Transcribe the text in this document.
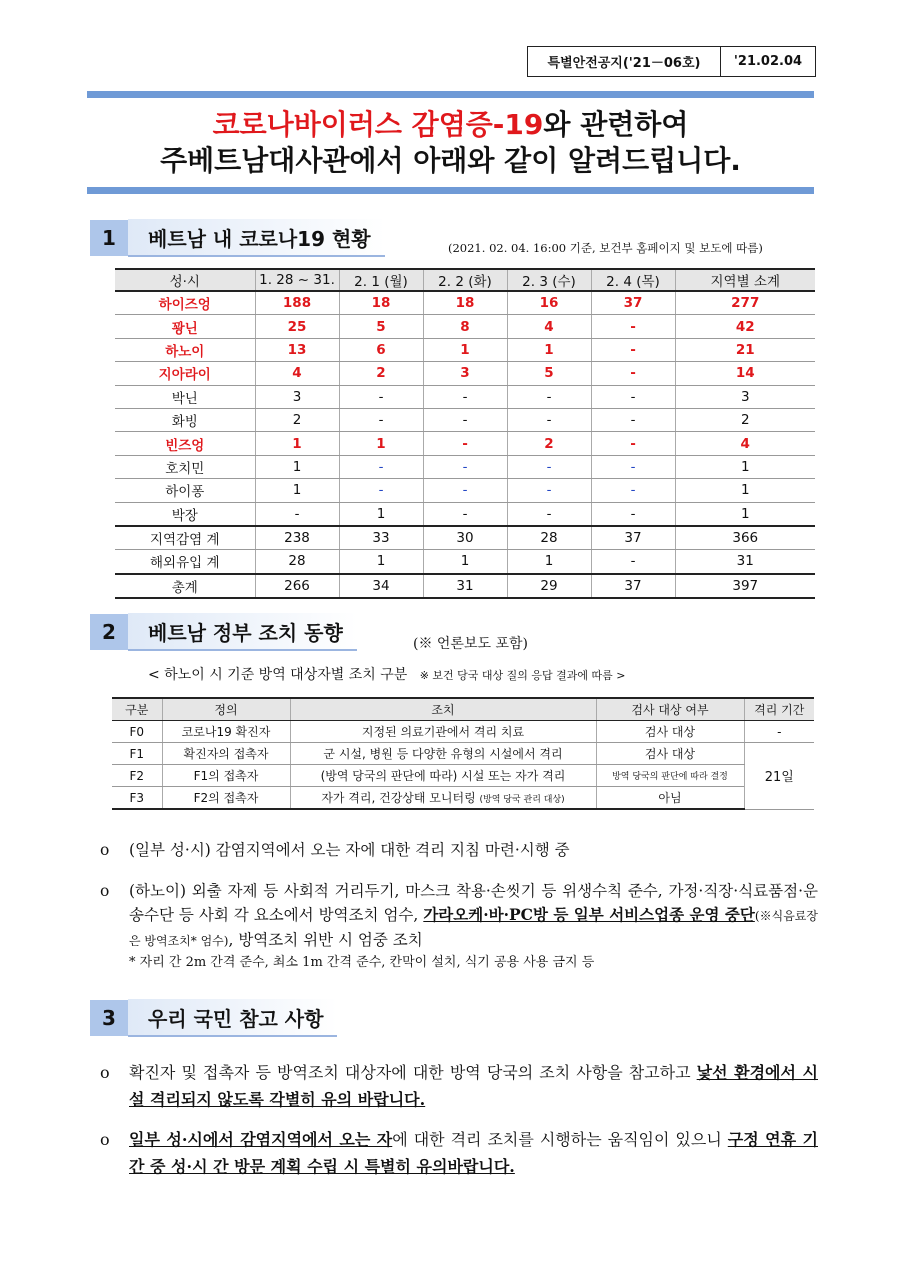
특별안전공지('21－06호)	'21.02.04
코로나바이러스 감염증-19와 관련하여
주베트남대사관에서 아래와 같이 알려드립니다.
1	베트남 내 코로나19 현황	(2021. 02. 04. 16:00 기준, 보건부 홈페이지 및 보도에 따름)
성·시	1. 28 ~ 31.	2. 1 (월)	2. 2 (화)	2. 3 (수)	2. 4 (목)	지역별 소계
하이즈엉	188	18	18	16	37	277
꽝닌	25	5	8	4	-	42
하노이	13	6	1	1	-	21
지아라이	4	2	3	5	-	14
박닌	3	-	-	-	-	3
화빙	2	-	-	-	-	2
빈즈엉	1	1	-	2	-	4
호치민	1	-	-	-	-	1
하이퐁	1	-	-	-	-	1
박장	-	1	-	-	-	1
지역감염 계	238	33	30	28	37	366
해외유입 계	28	1	1	1	-	31
총계	266	34	31	29	37	397
2	베트남 정부 조치 동향	(※ 언론보도 포함)
< 하노이 시 기준 방역 대상자별 조치 구분 ※ 보건 당국 대상 질의 응답 결과에 따름 >
구분	정의	조치	검사 대상 여부	격리 기간
F0	코로나19 확진자	지정된 의료기관에서 격리 치료	검사 대상	-
F1	확진자의 접촉자	군 시설, 병원 등 다양한 유형의 시설에서 격리	검사 대상	21일
F2	F1의 접촉자	(방역 당국의 판단에 따라) 시설 또는 자가 격리	방역 당국의 판단에 따라 결정	
F3	F2의 접촉자	자가 격리, 건강상태 모니터링 (방역 당국 관리 대상)	아님	
o (일부 성·시) 감염지역에서 오는 자에 대한 격리 지침 마련·시행 중
o (하노이) 외출 자제 등 사회적 거리두기, 마스크 착용·손씻기 등 위생수칙 준수, 가정·직장·식료품점·운송수단 등 사회 각 요소에서 방역조치 엄수, 가라오케·바·PC방 등 일부 서비스업종 운영 중단(※식음료장은 방역조치* 엄수), 방역조치 위반 시 엄중 조치
* 자리 간 2m 간격 준수, 최소 1m 간격 준수, 칸막이 설치, 식기 공용 사용 금지 등
3	우리 국민 참고 사항
o 확진자 및 접촉자 등 방역조치 대상자에 대한 방역 당국의 조치 사항을 참고하고 낯선 환경에서 시설 격리되지 않도록 각별히 유의 바랍니다.
o 일부 성·시에서 감염지역에서 오는 자에 대한 격리 조치를 시행하는 움직임이 있으니 구정 연휴 기간 중 성·시 간 방문 계획 수립 시 특별히 유의바랍니다.
